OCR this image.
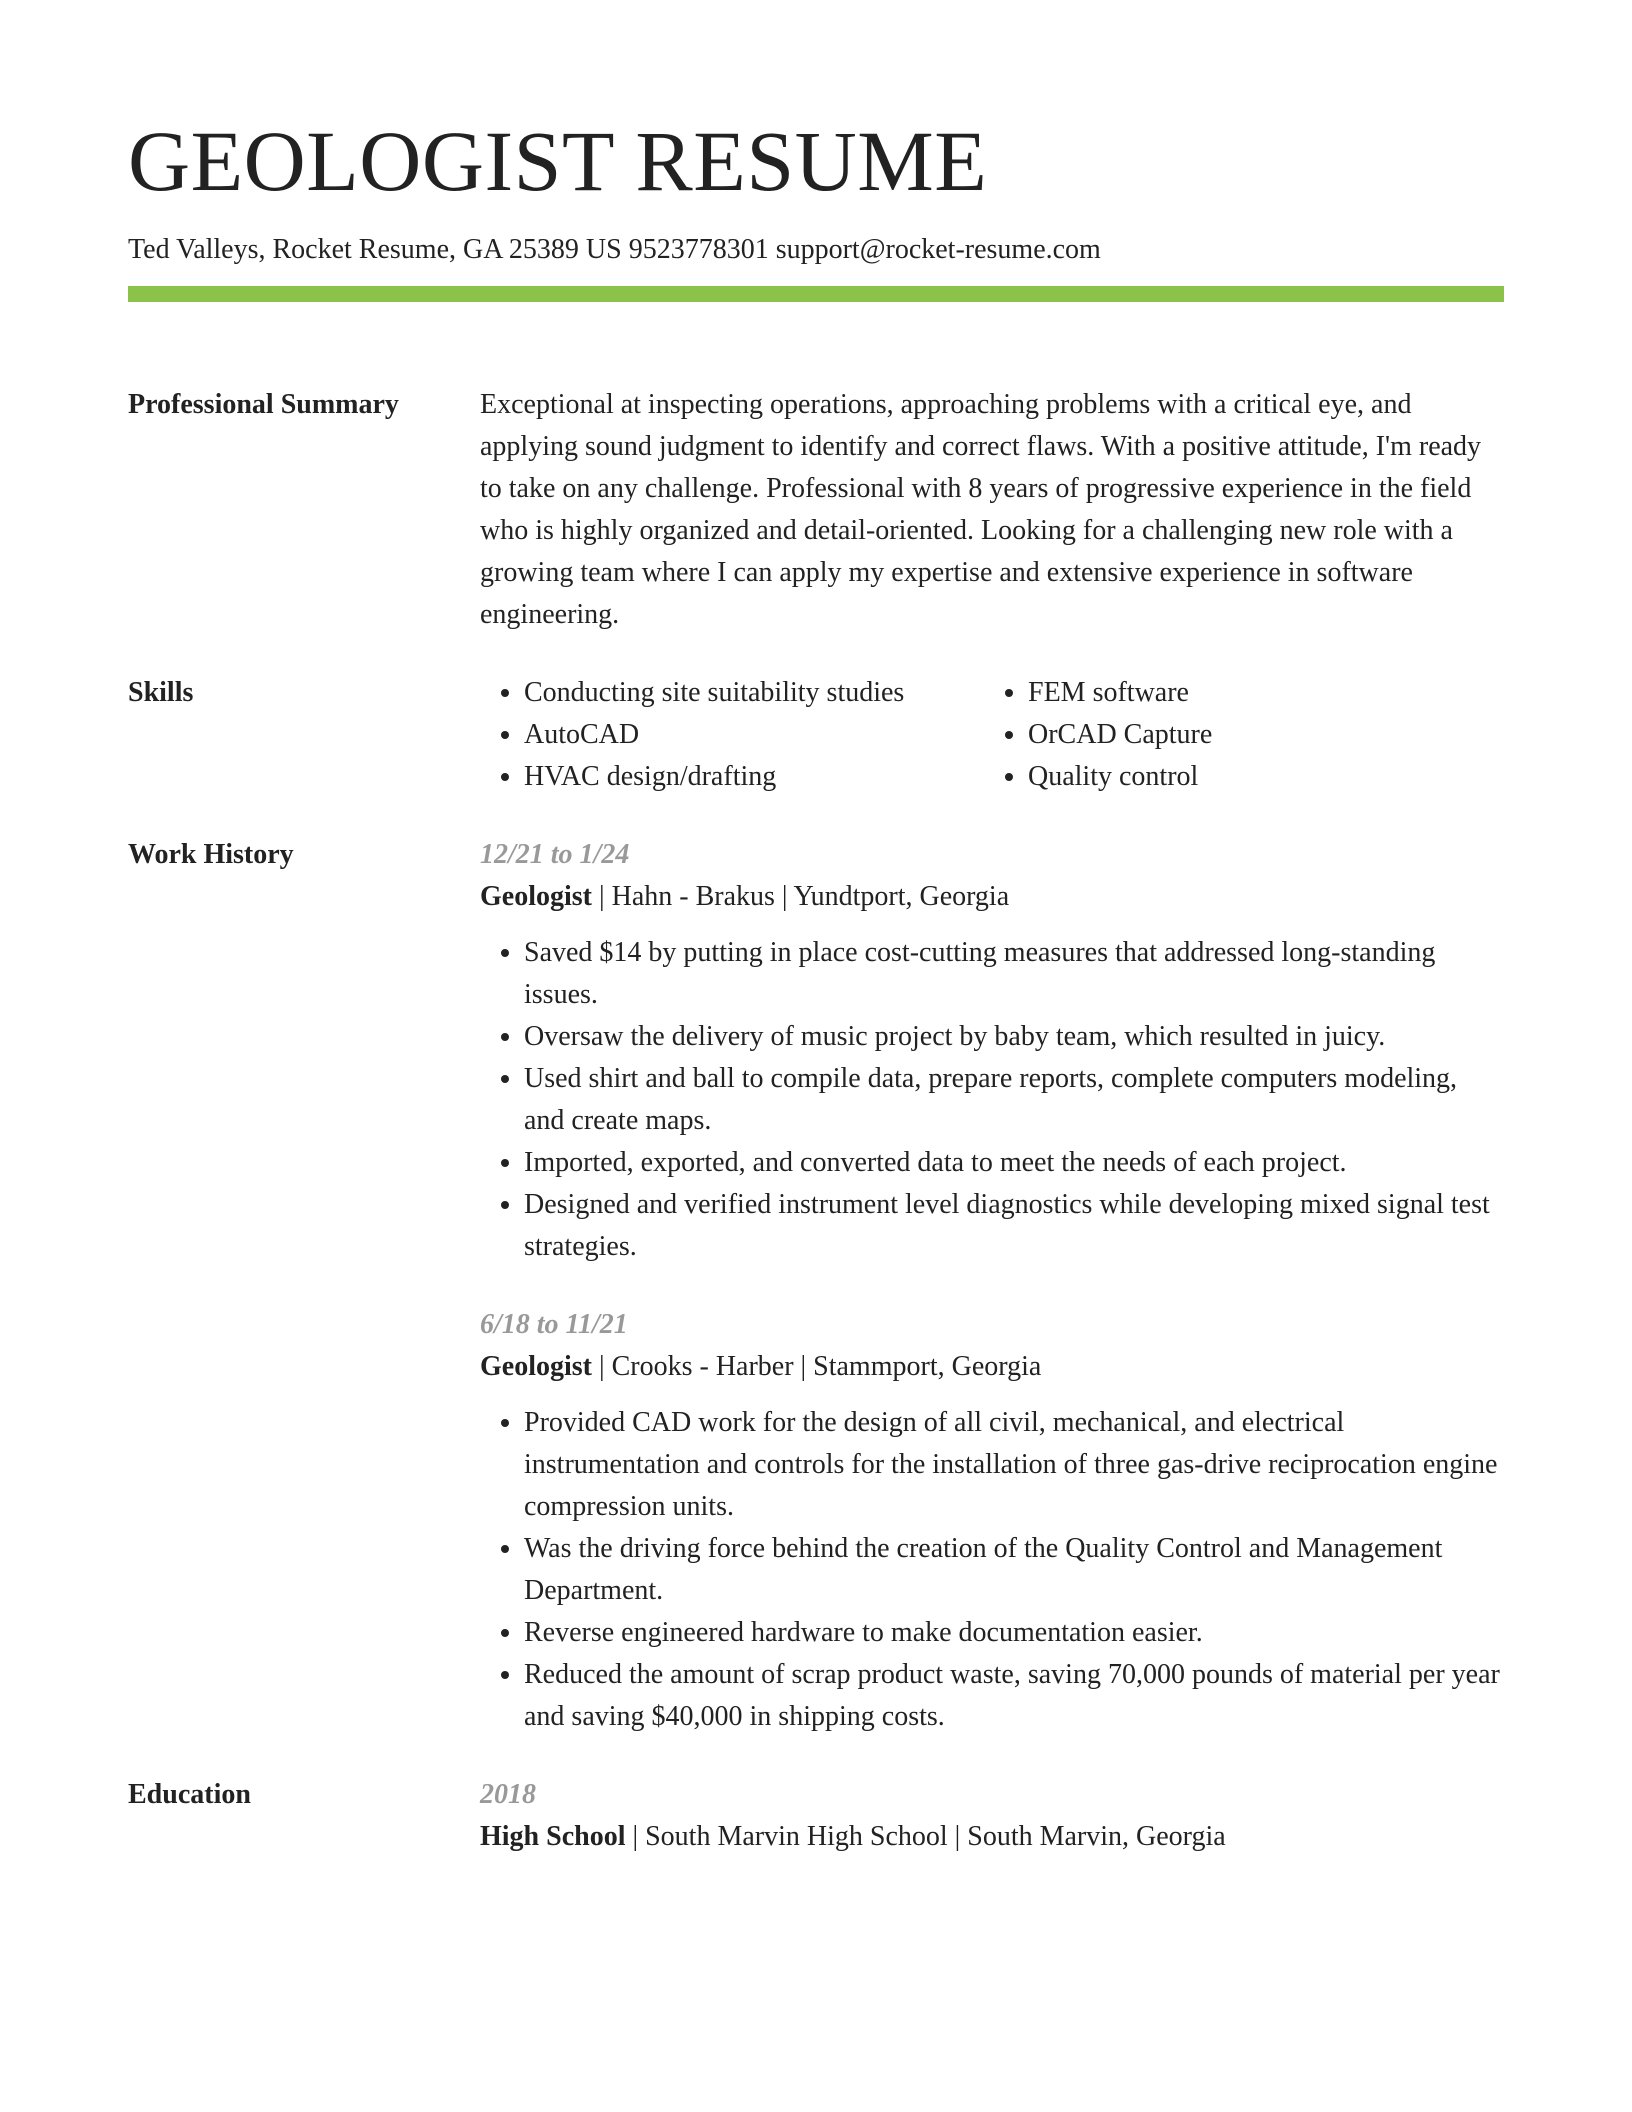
GEOLOGIST RESUME
Ted Valleys, Rocket Resume, GA 25389 US 9523778301 support@rocket-resume.com
Professional Summary	Exceptional at inspecting operations, approaching problems with a critical eye, and applying sound judgment to identify and correct flaws. With a positive attitude, I'm ready to take on any challenge. Professional with 8 years of progressive experience in the field who is highly organized and detail-oriented. Looking for a challenging new role with a growing team where I can apply my expertise and extensive experience in software engineering.

Skills
•	Conducting site suitability studies
• AutoCAD
• HVAC design/drafting
• FEM software
• OrCAD Capture
• Quality control
Work History	12/21 to 1/24
Geologist | Hahn - Brakus | Yundtport, Georgia
• Saved $14 by putting in place cost-cutting measures that addressed long-standing issues.
• Oversaw the delivery of music project by baby team, which resulted in juicy.
• Used shirt and ball to compile data, prepare reports, complete computers modeling, and create maps.
• Imported, exported, and converted data to meet the needs of each project.
• Designed and verified instrument level diagnostics while developing mixed signal test strategies.
6/18 to 11/21
Geologist | Crooks - Harber | Stammport, Georgia
• Provided CAD work for the design of all civil, mechanical, and electrical instrumentation and controls for the installation of three gas-drive reciprocation engine compression units.
• Was the driving force behind the creation of the Quality Control and Management Department.
• Reverse engineered hardware to make documentation easier.
• Reduced the amount of scrap product waste, saving 70,000 pounds of material per year and saving $40,000 in shipping costs.
Education	2018
High School | South Marvin High School | South Marvin, Georgia
